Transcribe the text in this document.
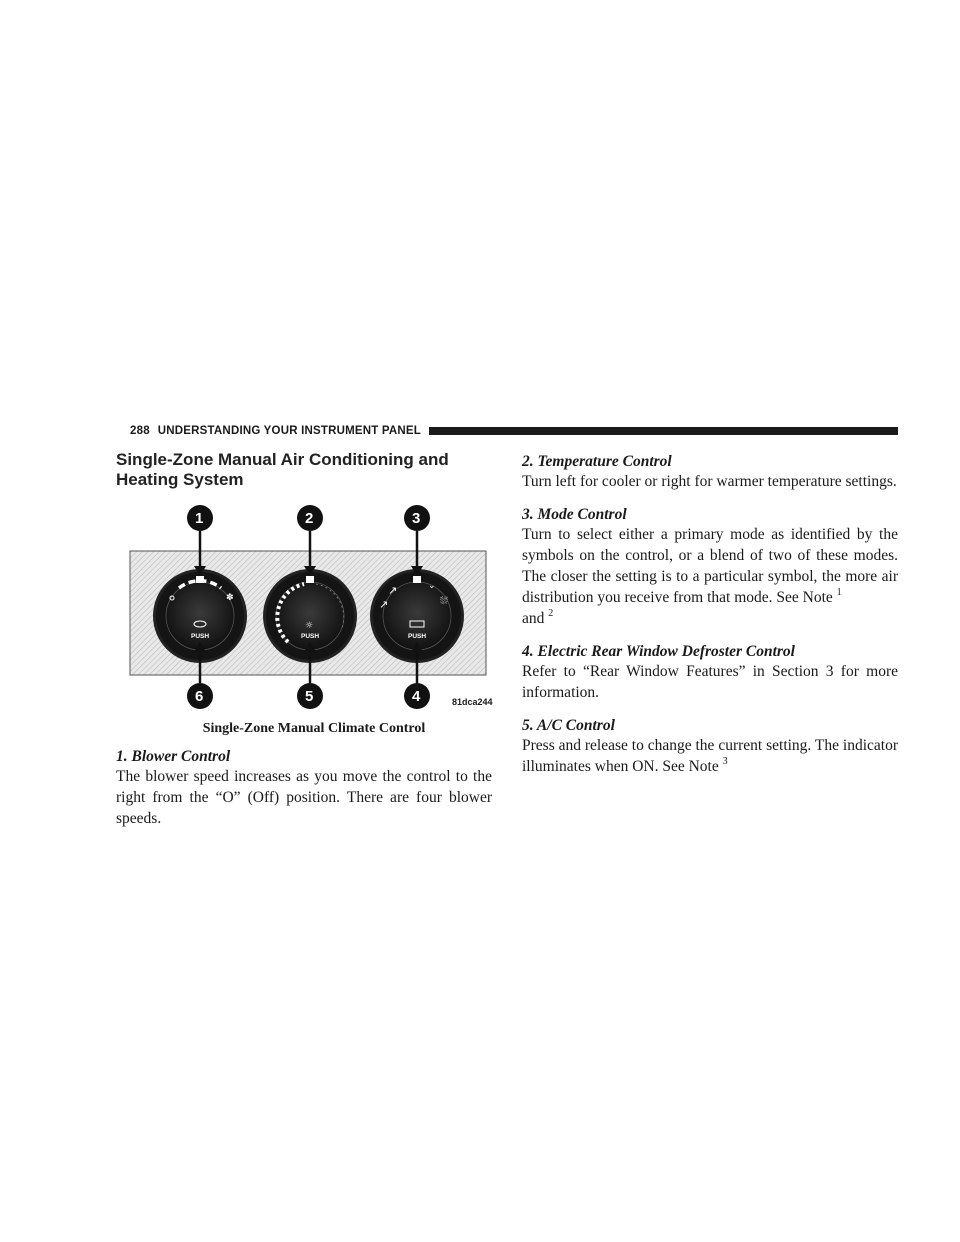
288 UNDERSTANDING YOUR INSTRUMENT PANEL
Single-Zone Manual Air Conditioning and Heating System
✽
PUSH
☼
PUSH
↗
↗	⌄
⛆
PUSH
1	2	3
6	5	4	81dca244
Single-Zone Manual Climate Control

1. Blower Control

The blower speed increases as you move the control to the right from the “O” (Off) position. There are four blower speeds.

2. Temperature Control

Turn left for cooler or right for warmer temperature settings.

3. Mode Control

Turn to select either a primary mode as identified by the symbols on the control, or a blend of two of these modes. The closer the setting is to a particular symbol, the more air distribution you receive from that mode. See Note $^1$
and $^2$

4. Electric Rear Window Defroster Control

Refer to “Rear Window Features” in Section 3 for more information.

5. A/C Control

Press and release to change the current setting. The indicator illuminates when ON. See Note $^3$
